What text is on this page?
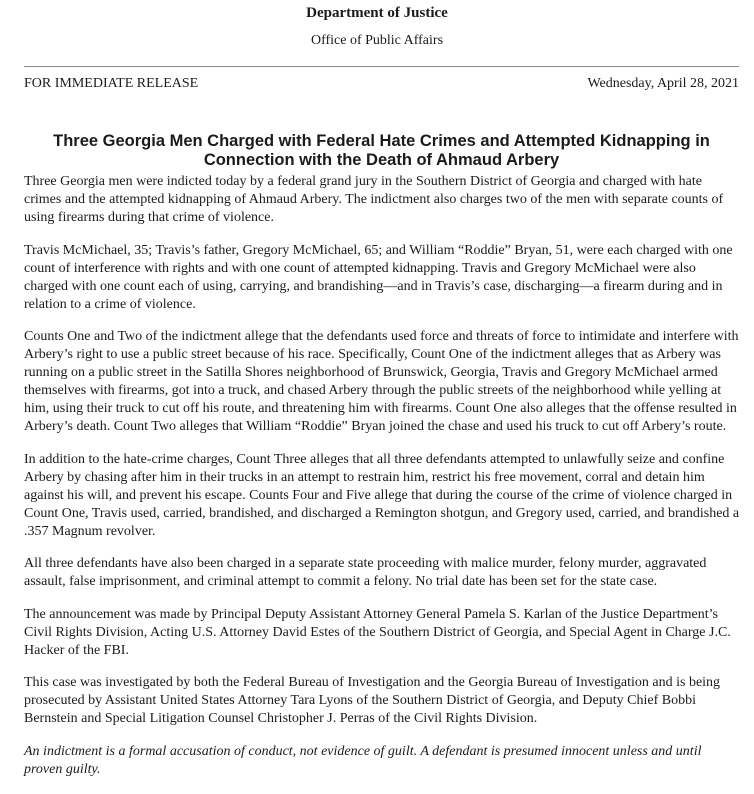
Department of Justice
Office of Public Affairs
FOR IMMEDIATE RELEASE	Wednesday, April 28, 2021
Three Georgia Men Charged with Federal Hate Crimes and Attempted Kidnapping in Connection with the Death of Ahmaud Arbery

Three Georgia men were indicted today by a federal grand jury in the Southern District of Georgia and charged with hate crimes and the attempted kidnapping of Ahmaud Arbery. The indictment also charges two of the men with separate counts of using firearms during that crime of violence.

Travis McMichael, 35; Travis’s father, Gregory McMichael, 65; and William “Roddie” Bryan, 51, were each charged with one count of interference with rights and with one count of attempted kidnapping. Travis and Gregory McMichael were also charged with one count each of using, carrying, and brandishing—and in Travis’s case, discharging—a firearm during and in relation to a crime of violence.

Counts One and Two of the indictment allege that the defendants used force and threats of force to intimidate and interfere with Arbery’s right to use a public street because of his race. Specifically, Count One of the indictment alleges that as Arbery was running on a public street in the Satilla Shores neighborhood of Brunswick, Georgia, Travis and Gregory McMichael armed themselves with firearms, got into a truck, and chased Arbery through the public streets of the neighborhood while yelling at him, using their truck to cut off his route, and threatening him with firearms. Count One also alleges that the offense resulted in Arbery’s death. Count Two alleges that William “Roddie” Bryan joined the chase and used his truck to cut off Arbery’s route.

In addition to the hate-crime charges, Count Three alleges that all three defendants attempted to unlawfully seize and confine Arbery by chasing after him in their trucks in an attempt to restrain him, restrict his free movement, corral and detain him against his will, and prevent his escape. Counts Four and Five allege that during the course of the crime of violence charged in Count One, Travis used, carried, brandished, and discharged a Remington shotgun, and Gregory used, carried, and brandished a .357 Magnum revolver.

All three defendants have also been charged in a separate state proceeding with malice murder, felony murder, aggravated assault, false imprisonment, and criminal attempt to commit a felony. No trial date has been set for the state case.

The announcement was made by Principal Deputy Assistant Attorney General Pamela S. Karlan of the Justice Department’s Civil Rights Division, Acting U.S. Attorney David Estes of the Southern District of Georgia, and Special Agent in Charge J.C. Hacker of the FBI.

This case was investigated by both the Federal Bureau of Investigation and the Georgia Bureau of Investigation and is being prosecuted by Assistant United States Attorney Tara Lyons of the Southern District of Georgia, and Deputy Chief Bobbi Bernstein and Special Litigation Counsel Christopher J. Perras of the Civil Rights Division.

An indictment is a formal accusation of conduct, not evidence of guilt. A defendant is presumed innocent unless and until proven guilty.
